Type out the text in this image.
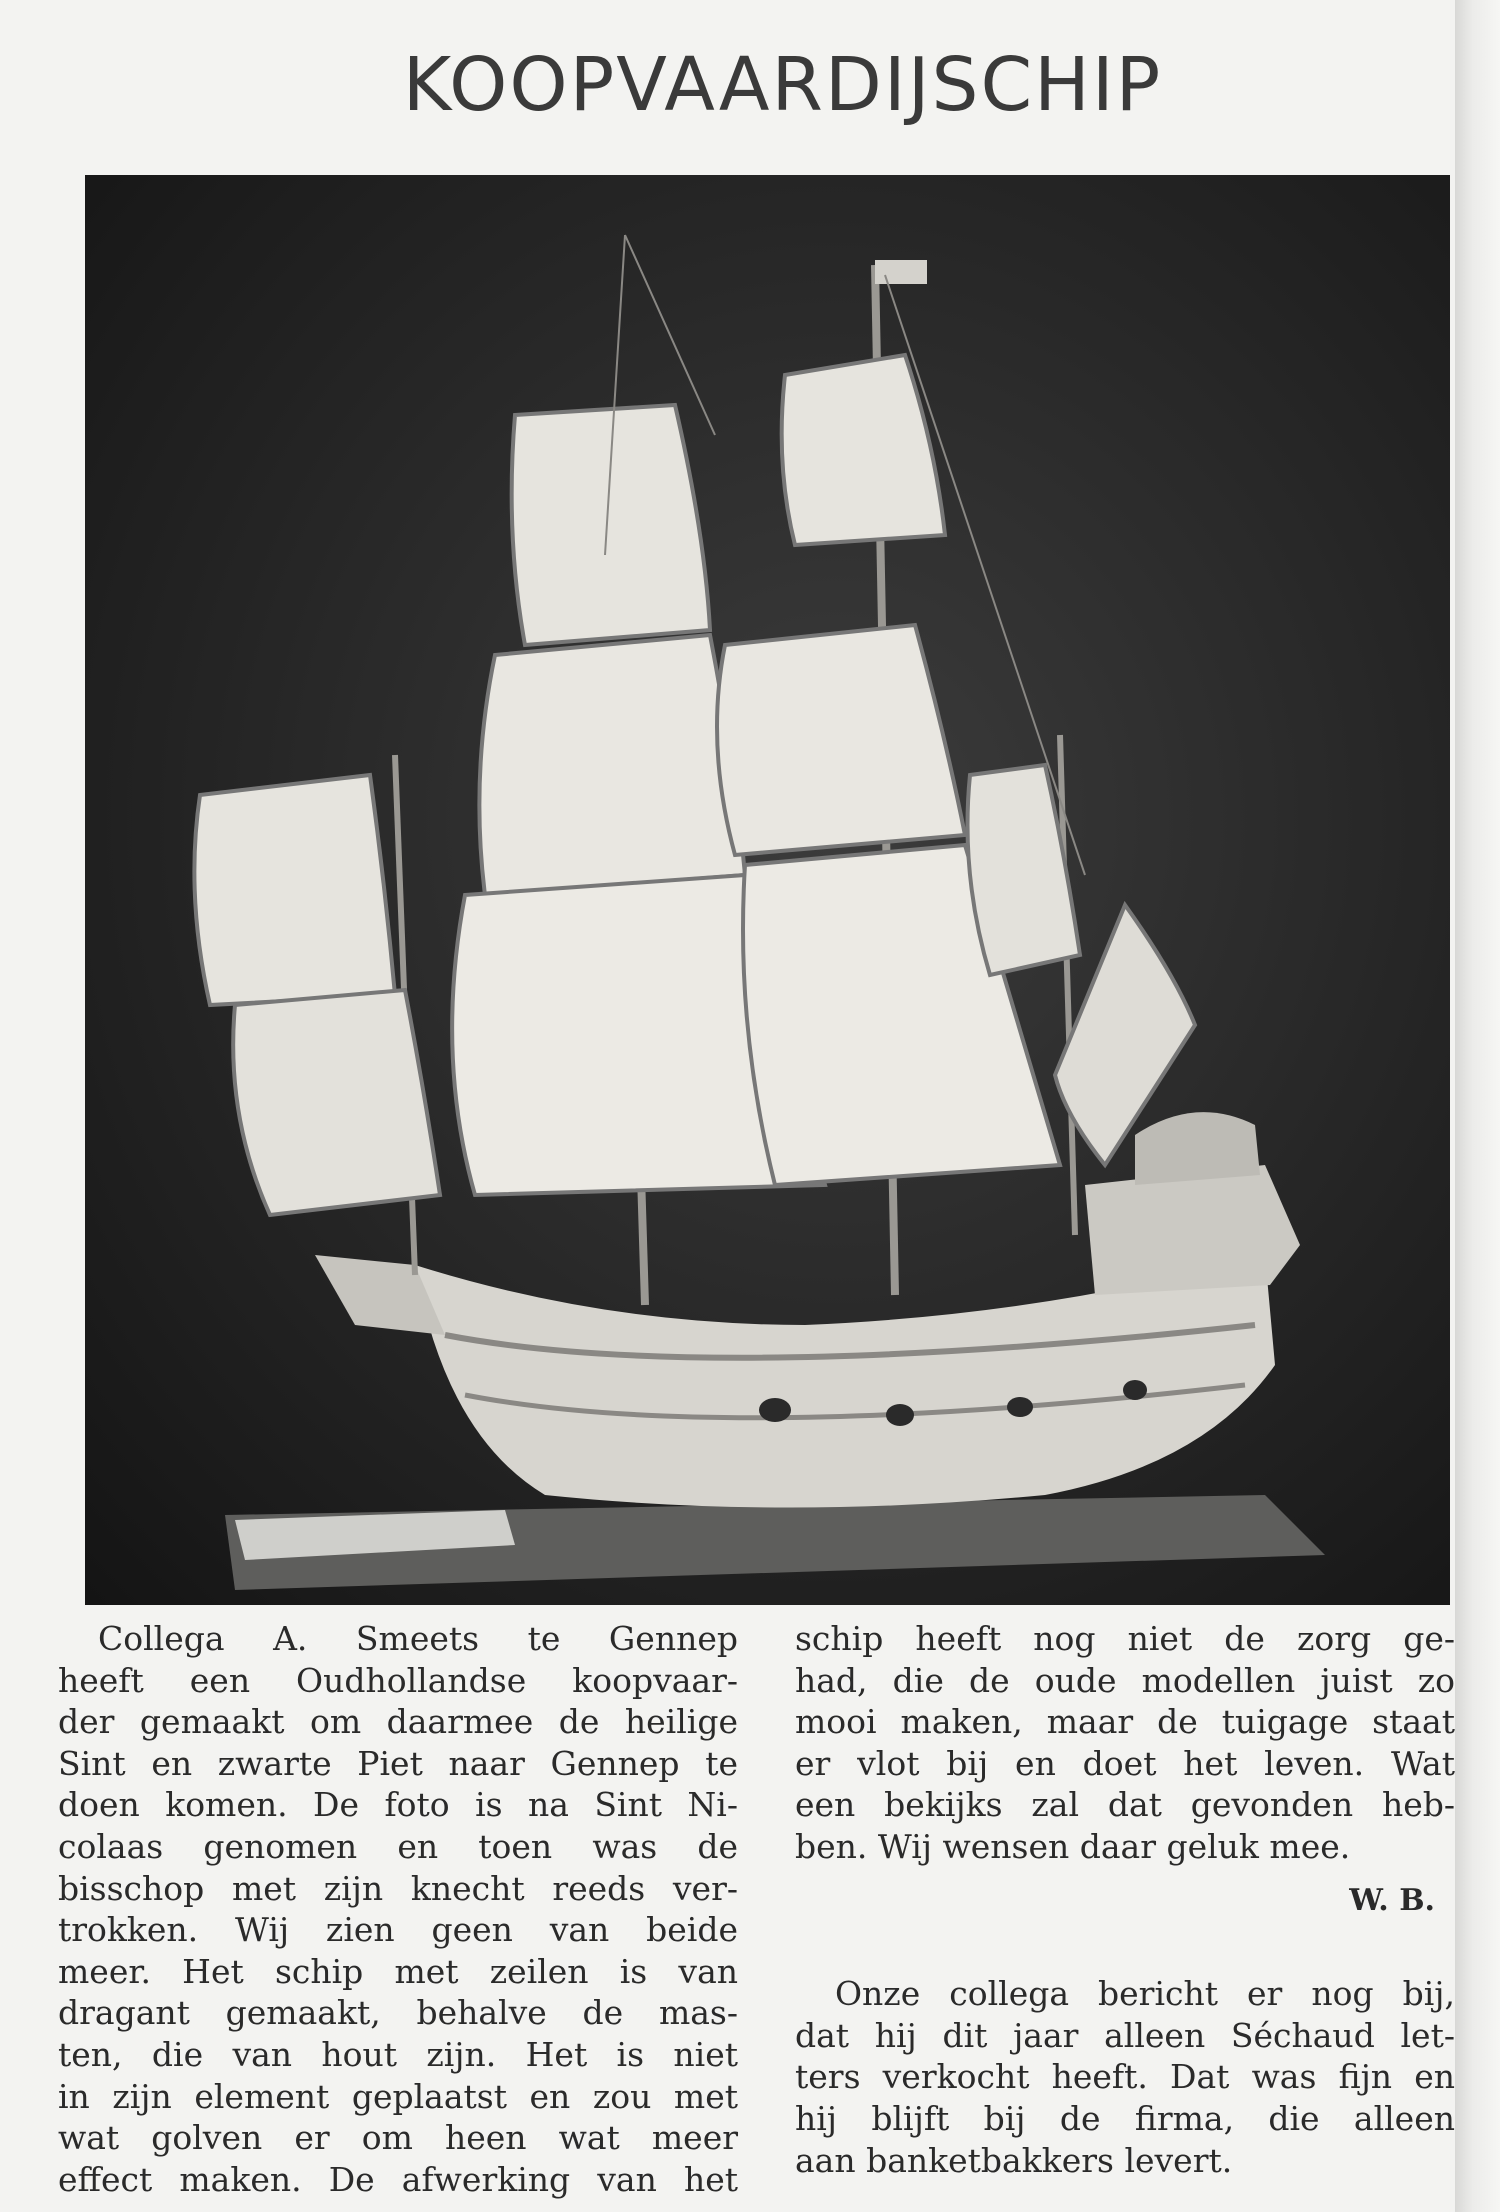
KOOPVAARDIJSCHIP
Collega A. Smeets te Gennep
heeft een Oudhollandse koopvaar-
der gemaakt om daarmee de heilige
Sint en zwarte Piet naar Gennep te
doen komen. De foto is na Sint Ni-
colaas genomen en toen was de
bisschop met zijn knecht reeds ver-
trokken. Wij zien geen van beide
meer. Het schip met zeilen is van
dragant gemaakt, behalve de mas-
ten, die van hout zijn. Het is niet
in zijn element geplaatst en zou met
wat golven er om heen wat meer
effect maken. De afwerking van het
schip heeft nog niet de zorg ge-
had, die de oude modellen juist zo
mooi maken, maar de tuigage staat
er vlot bij en doet het leven. Wat
een bekijks zal dat gevonden heb-
ben. Wij wensen daar geluk mee.
W. B.
Onze collega bericht er nog bij,
dat hij dit jaar alleen Séchaud let-
ters verkocht heeft. Dat was fijn en
hij blijft bij de firma, die alleen
aan banketbakkers levert.
